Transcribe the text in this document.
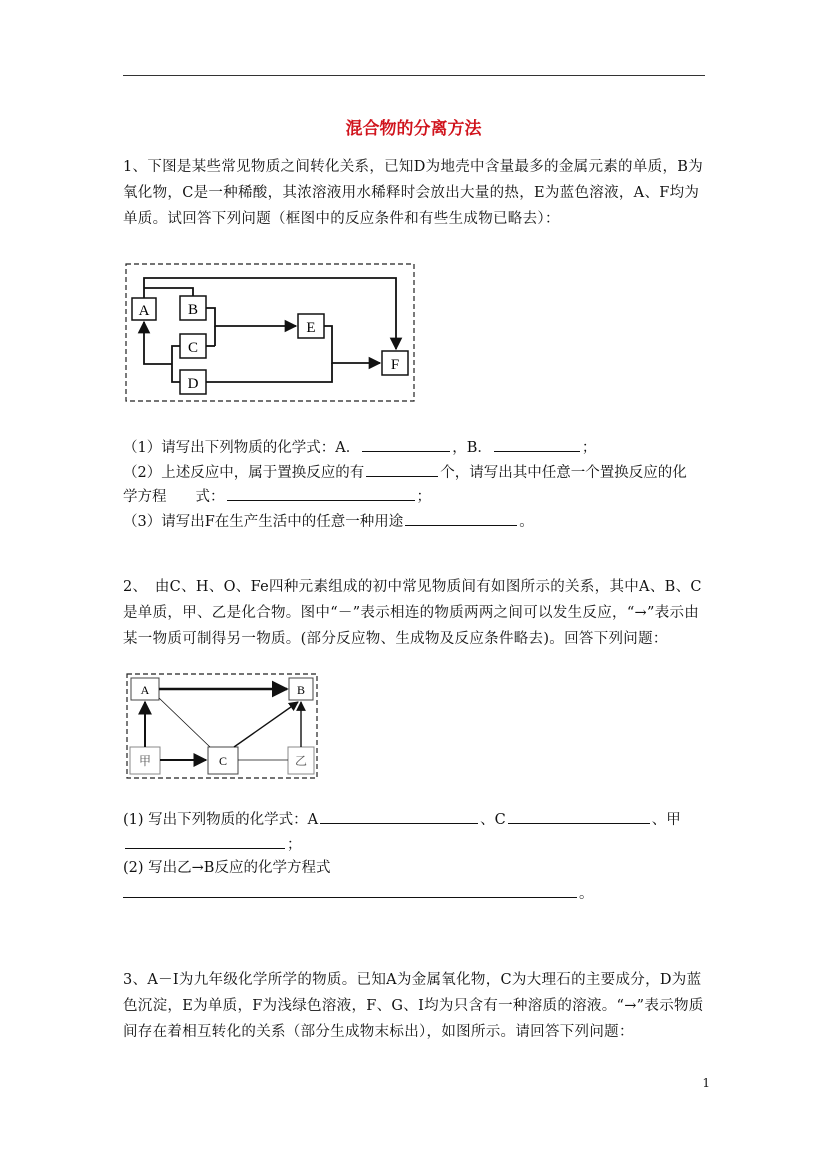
混合物的分离方法
1、下图是某些常见物质之间转化关系，已知D为地壳中含量最多的金属元素的单质，B为氧化物，C是一种稀酸，其浓溶液用水稀释时会放出大量的热，E为蓝色溶液，A、F均为单质。试回答下列问题（框图中的反应条件和有些生成物已略去）：
A	B
C
D
E
F
（1）请写出下列物质的化学式：A．	，B．	；
（2）上述反应中，属于置换反应的有	个，请写出其中任意一个置换反应的化
学方程　　式：	；
（3）请写出F在生产生活中的任意一种用途	。
2、　由C、H、O、Fe四种元素组成的初中常见物质间有如图所示的关系，其中A、B、C是单质，甲、乙是化合物。图中“－”表示相连的物质两两之间可以发生反应，“→”表示由某一物质可制得另一物质。(部分反应物、生成物及反应条件略去)。回答下列问题：
A	B
甲	C	乙
(1) 写出下列物质的化学式：A	、C	、甲
；
(2) 写出乙→B反应的化学方程式
。
3、A－I为九年级化学所学的物质。已知A为金属氧化物，C为大理石的主要成分，D为蓝色沉淀，E为单质，F为浅绿色溶液，F、G、I均为只含有一种溶质的溶液。“→”表示物质间存在着相互转化的关系（部分生成物末标出），如图所示。请回答下列问题：
1
